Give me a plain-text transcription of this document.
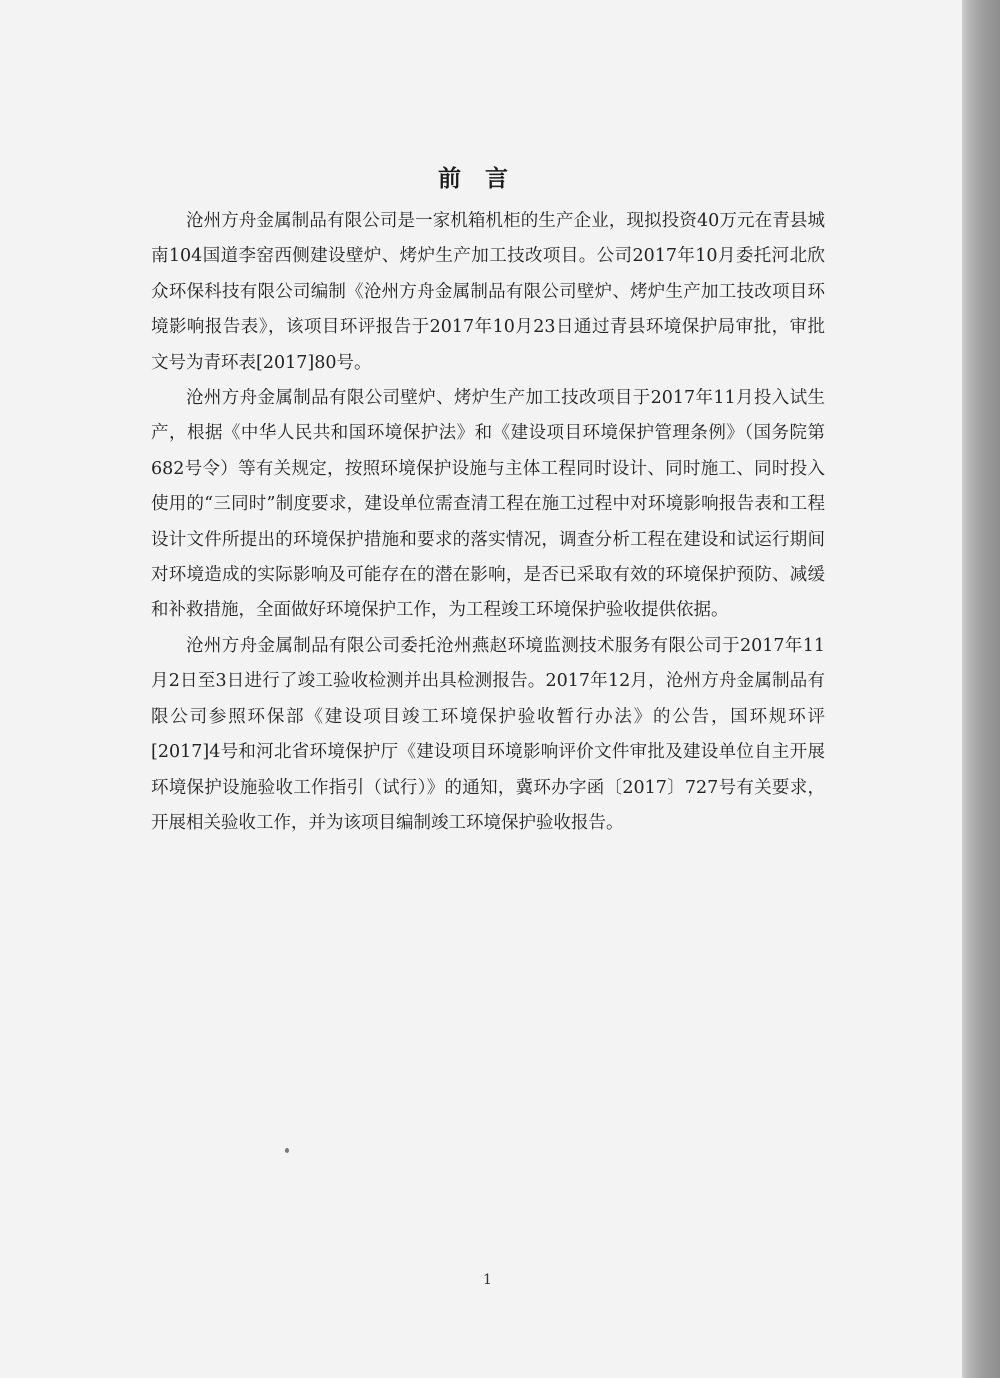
前言

沧州方舟金属制品有限公司是一家机箱机柜的生产企业，现拟投资40万元在青县城南104国道李窑西侧建设壁炉、烤炉生产加工技改项目。公司2017年10月委托河北欣众环保科技有限公司编制《沧州方舟金属制品有限公司壁炉、烤炉生产加工技改项目环境影响报告表》，该项目环评报告于2017年10月23日通过青县环境保护局审批，审批文号为青环表[2017]80号。

沧州方舟金属制品有限公司壁炉、烤炉生产加工技改项目于2017年11月投入试生产，根据《中华人民共和国环境保护法》和《建设项目环境保护管理条例》（国务院第682号令）等有关规定，按照环境保护设施与主体工程同时设计、同时施工、同时投入使用的“三同时”制度要求，建设单位需查清工程在施工过程中对环境影响报告表和工程设计文件所提出的环境保护措施和要求的落实情况，调查分析工程在建设和试运行期间对环境造成的实际影响及可能存在的潜在影响，是否已采取有效的环境保护预防、减缓和补救措施，全面做好环境保护工作，为工程竣工环境保护验收提供依据。

沧州方舟金属制品有限公司委托沧州燕赵环境监测技术服务有限公司于2017年11月2日至3日进行了竣工验收检测并出具检测报告。2017年12月，沧州方舟金属制品有限公司参照环保部《建设项目竣工环境保护验收暂行办法》的公告，国环规环评[2017]4号和河北省环境保护厅《建设项目环境影响评价文件审批及建设单位自主开展环境保护设施验收工作指引（试行）》的通知，冀环办字函〔2017〕727号有关要求，开展相关验收工作，并为该项目编制竣工环境保护验收报告。

1
